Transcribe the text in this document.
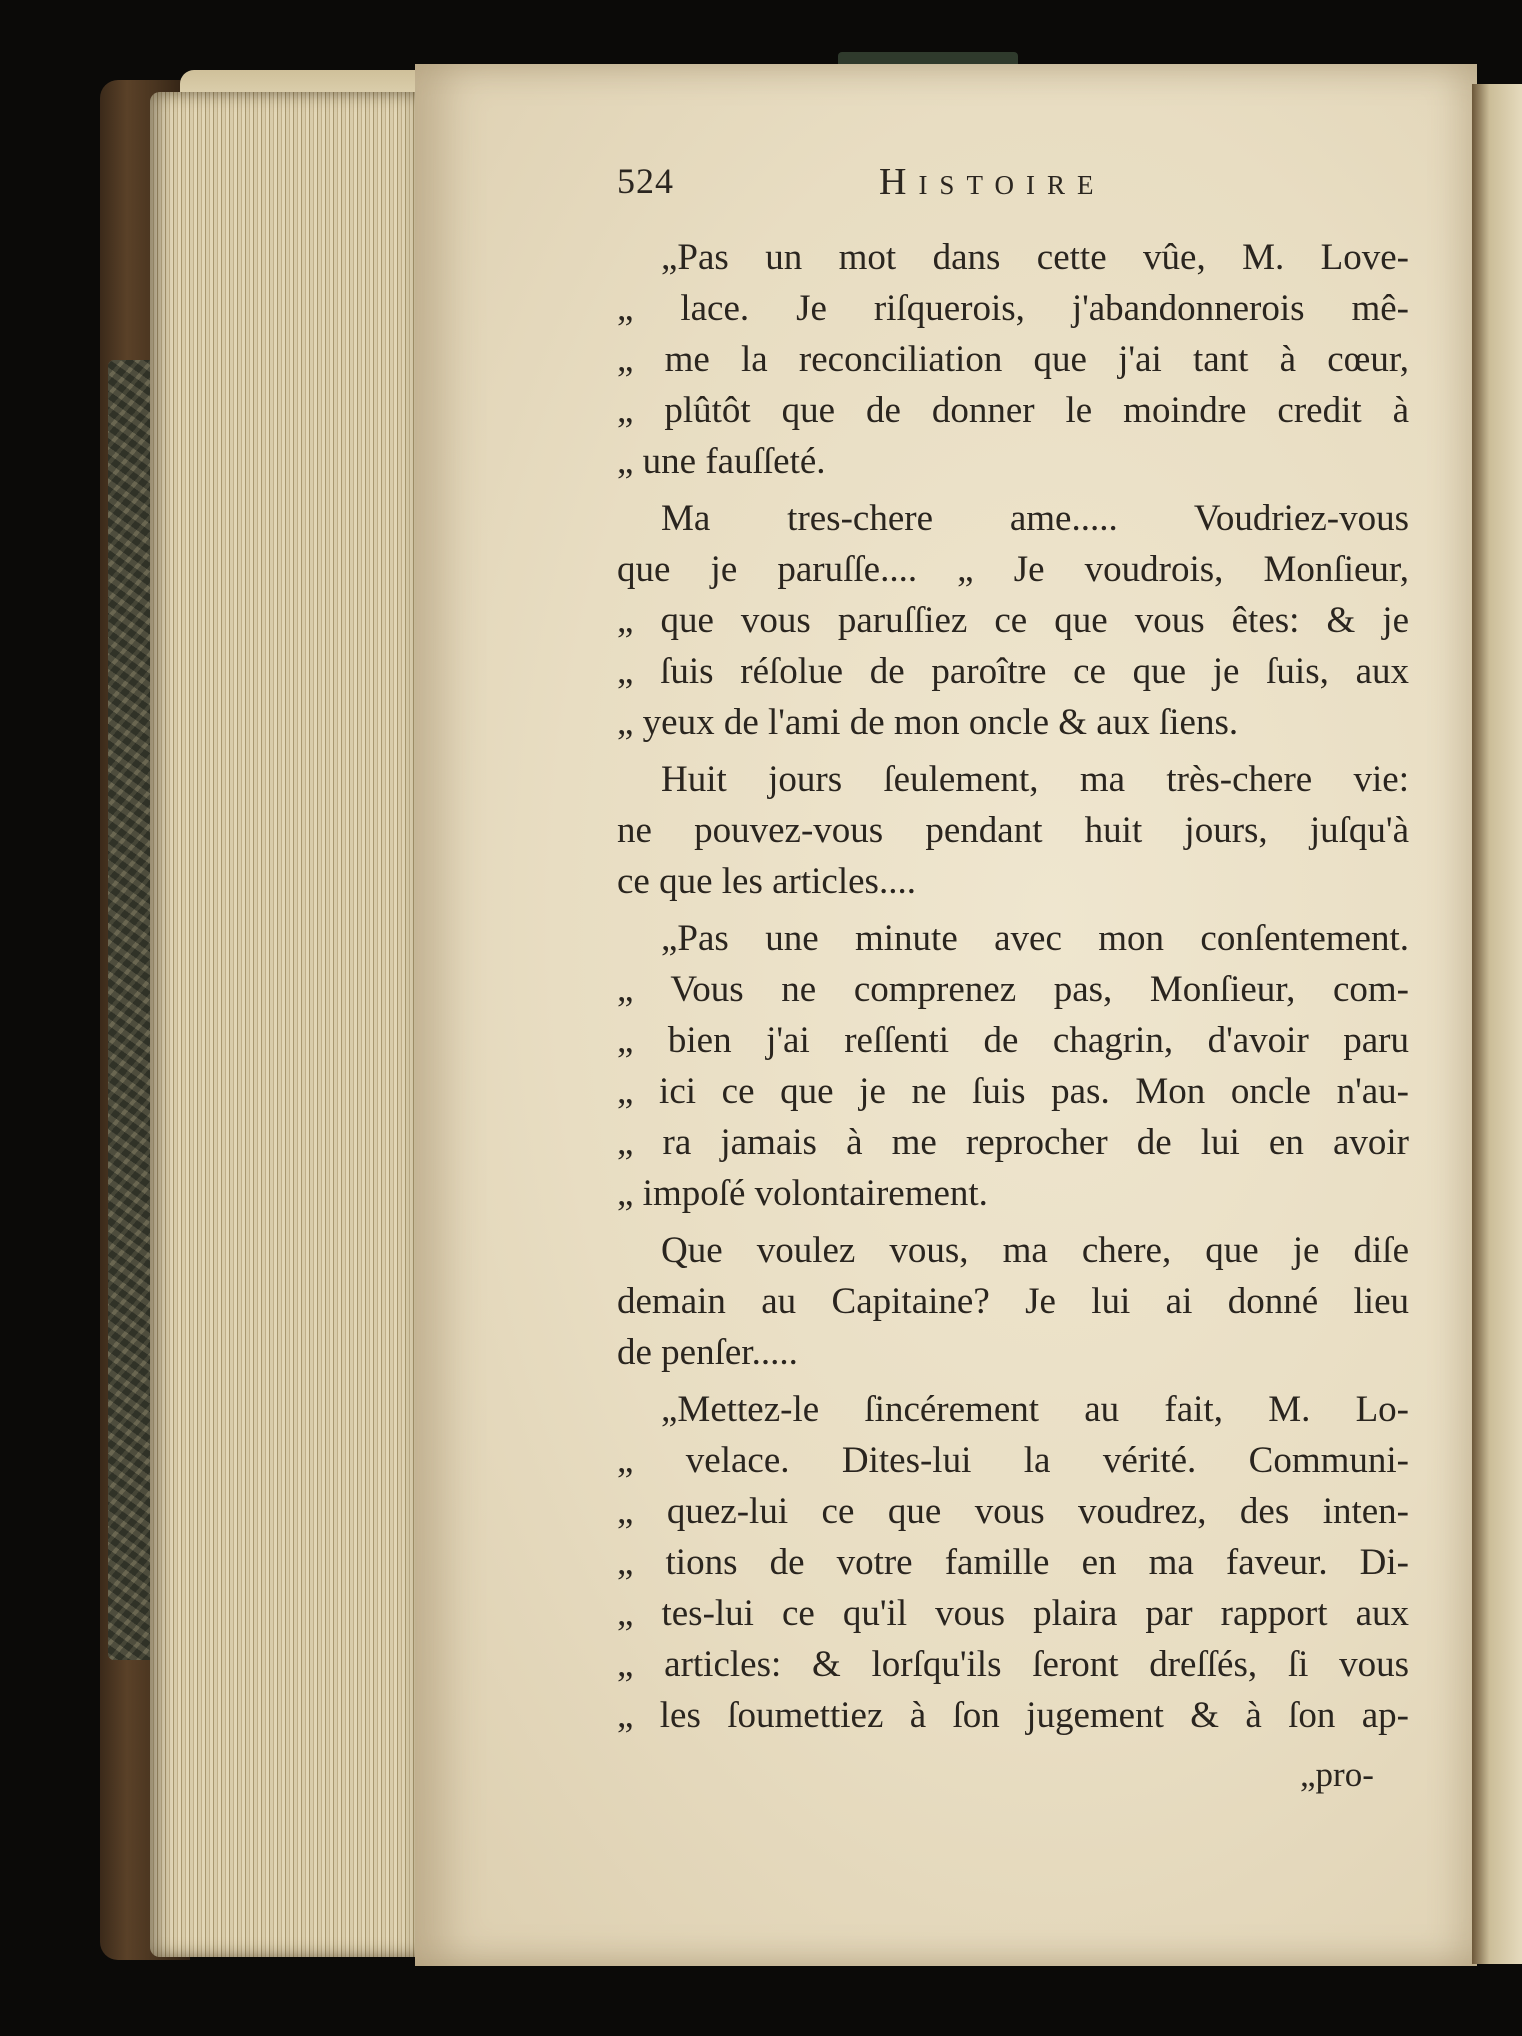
524	Histoire
„Pas un mot dans cette vûe, M. Love-
„ lace. Je riſquerois, j'abandonnerois mê-
„ me la reconciliation que j'ai tant à cœur,
„ plûtôt que de donner le moindre credit à
„ une fauſſeté.
Ma tres-chere ame..... Voudriez-vous
que je paruſſe.... „ Je voudrois, Monſieur,
„ que vous paruſſiez ce que vous êtes: & je
„ ſuis réſolue de paroître ce que je ſuis, aux
„ yeux de l'ami de mon oncle & aux ſiens.
Huit jours ſeulement, ma très-chere vie:
ne pouvez-vous pendant huit jours, juſqu'à
ce que les articles....
„Pas une minute avec mon conſentement.
„ Vous ne comprenez pas, Monſieur, com-
„ bien j'ai reſſenti de chagrin, d'avoir paru
„ ici ce que je ne ſuis pas. Mon oncle n'au-
„ ra jamais à me reprocher de lui en avoir
„ impoſé volontairement.
Que voulez vous, ma chere, que je diſe
demain au Capitaine? Je lui ai donné lieu
de penſer.....
„Mettez-le ſincérement au fait, M. Lo-
„ velace. Dites-lui la vérité. Communi-
„ quez-lui ce que vous voudrez, des inten-
„ tions de votre famille en ma faveur. Di-
„ tes-lui ce qu'il vous plaira par rapport aux
„ articles: & lorſqu'ils ſeront dreſſés, ſi vous
„ les ſoumettiez à ſon jugement & à ſon ap-
„pro-
